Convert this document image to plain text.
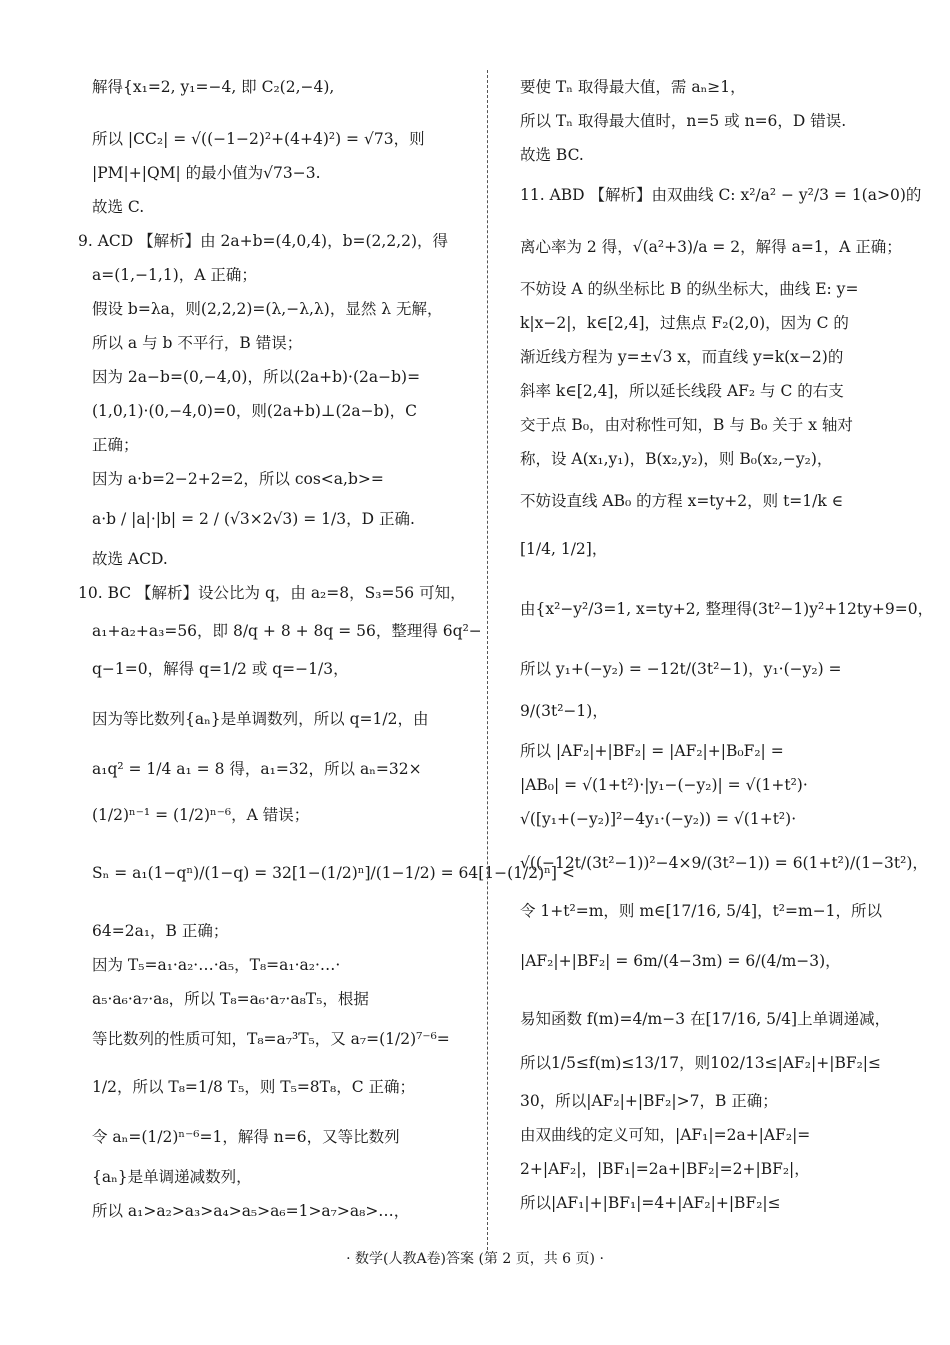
解得{x₁=2, y₁=−4, 即 C₂(2,−4),
所以 |CC₂| = √((−1−2)²+(4+4)²) = √73，则
|PM|+|QM| 的最小值为√73−3.
故选 C.
9. ACD 【解析】由 2a+b=(4,0,4)，b=(2,2,2)，得
a=(1,−1,1)，A 正确；
假设 b=λa，则(2,2,2)=(λ,−λ,λ)，显然 λ 无解，
所以 a 与 b 不平行，B 错误；
因为 2a−b=(0,−4,0)，所以(2a+b)·(2a−b)=
(1,0,1)·(0,−4,0)=0，则(2a+b)⊥(2a−b)，C
正确；
因为 a·b=2−2+2=2，所以 cos<a,b>=
a·b / |a|·|b| = 2 / (√3×2√3) = 1/3，D 正确.
故选 ACD.
10. BC 【解析】设公比为 q，由 a₂=8，S₃=56 可知，
a₁+a₂+a₃=56，即 8/q + 8 + 8q = 56，整理得 6q²−
q−1=0，解得 q=1/2 或 q=−1/3，
因为等比数列{aₙ}是单调数列，所以 q=1/2，由
a₁q² = 1/4 a₁ = 8 得，a₁=32，所以 aₙ=32×
(1/2)ⁿ⁻¹ = (1/2)ⁿ⁻⁶，A 错误；
Sₙ = a₁(1−qⁿ)/(1−q) = 32[1−(1/2)ⁿ]/(1−1/2) = 64[1−(1/2)ⁿ] <
64=2a₁，B 正确；
因为 T₅=a₁·a₂·…·a₅，T₈=a₁·a₂·…·
a₅·a₆·a₇·a₈，所以 T₈=a₆·a₇·a₈T₅，根据
等比数列的性质可知，T₈=a₇³T₅，又 a₇=(1/2)⁷⁻⁶=
1/2，所以 T₈=1/8 T₅，则 T₅=8T₈，C 正确；
令 aₙ=(1/2)ⁿ⁻⁶=1，解得 n=6，又等比数列
{aₙ}是单调递减数列，
所以 a₁>a₂>a₃>a₄>a₅>a₆=1>a₇>a₈>…，
要使 Tₙ 取得最大值，需 aₙ≥1，
所以 Tₙ 取得最大值时，n=5 或 n=6，D 错误.
故选 BC.
11. ABD 【解析】由双曲线 C: x²/a² − y²/3 = 1(a>0)的
离心率为 2 得，√(a²+3)/a = 2，解得 a=1，A 正确；
不妨设 A 的纵坐标比 B 的纵坐标大，曲线 E: y=
k|x−2|，k∈[2,4]，过焦点 F₂(2,0)，因为 C 的
渐近线方程为 y=±√3 x，而直线 y=k(x−2)的
斜率 k∈[2,4]，所以延长线段 AF₂ 与 C 的右支
交于点 B₀，由对称性可知，B 与 B₀ 关于 x 轴对
称，设 A(x₁,y₁)，B(x₂,y₂)，则 B₀(x₂,−y₂)，
不妨设直线 AB₀ 的方程 x=ty+2，则 t=1/k ∈
[1/4, 1/2]，
由{x²−y²/3=1, x=ty+2, 整理得(3t²−1)y²+12ty+9=0，
所以 y₁+(−y₂) = −12t/(3t²−1)，y₁·(−y₂) =
9/(3t²−1)，
所以 |AF₂|+|BF₂| = |AF₂|+|B₀F₂| =
|AB₀| = √(1+t²)·|y₁−(−y₂)| = √(1+t²)·
√([y₁+(−y₂)]²−4y₁·(−y₂)) = √(1+t²)·
√((−12t/(3t²−1))²−4×9/(3t²−1)) = 6(1+t²)/(1−3t²)，
令 1+t²=m，则 m∈[17/16, 5/4]，t²=m−1，所以
|AF₂|+|BF₂| = 6m/(4−3m) = 6/(4/m−3)，
易知函数 f(m)=4/m−3 在[17/16, 5/4]上单调递减，
所以1/5≤f(m)≤13/17，则102/13≤|AF₂|+|BF₂|≤
30，所以|AF₂|+|BF₂|>7，B 正确；
由双曲线的定义可知，|AF₁|=2a+|AF₂|=
2+|AF₂|，|BF₁|=2a+|BF₂|=2+|BF₂|，
所以|AF₁|+|BF₁|=4+|AF₂|+|BF₂|≤
· 数学(人教A卷)答案 (第 2 页，共 6 页) ·
